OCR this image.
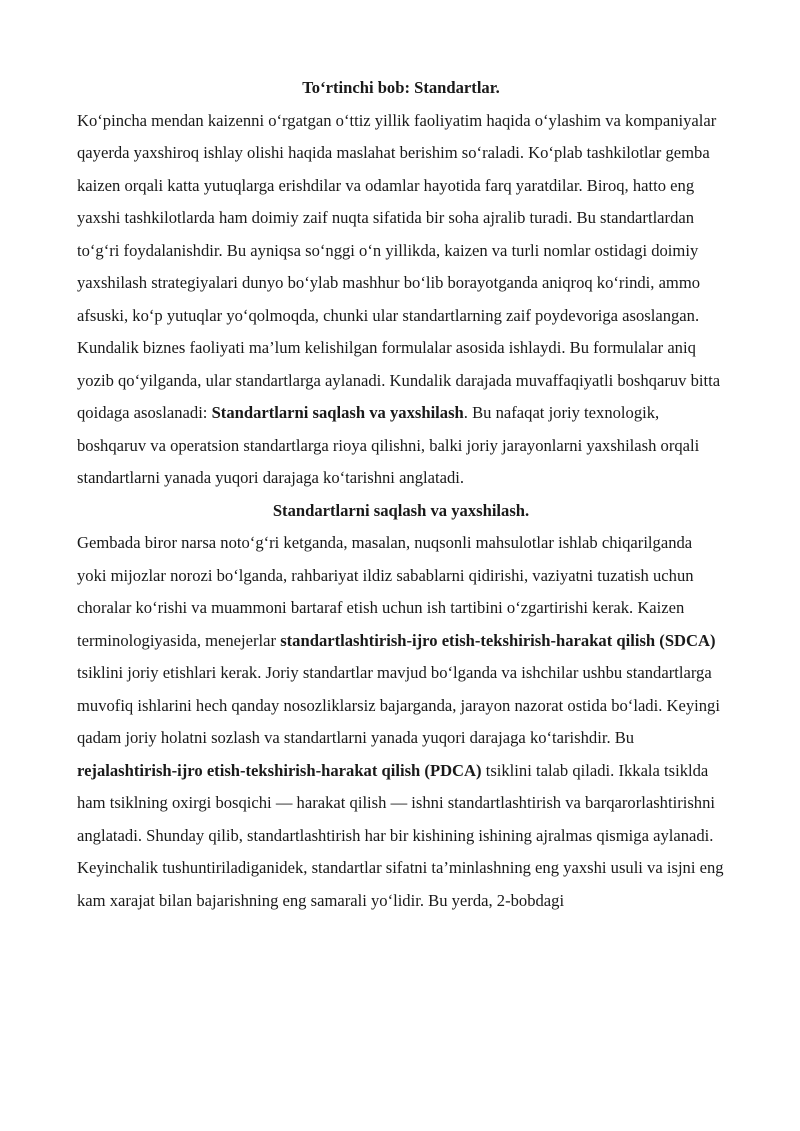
To‘rtinchi bob: Standartlar.

Ko‘pincha mendan kaizenni o‘rgatgan o‘ttiz yillik faoliyatim haqida o‘ylashim va kompaniyalar qayerda yaxshiroq ishlay olishi haqida maslahat berishim so‘raladi. Ko‘plab tashkilotlar gemba kaizen orqali katta yutuqlarga erishdilar va odamlar hayotida farq yaratdilar. Biroq, hatto eng yaxshi tashkilotlarda ham doimiy zaif nuqta sifatida bir soha ajralib turadi. Bu standartlardan to‘g‘ri foydalanishdir. Bu ayniqsa so‘nggi o‘n yillikda, kaizen va turli nomlar ostidagi doimiy yaxshilash strategiyalari dunyo bo‘ylab mashhur bo‘lib borayotganda aniqroq ko‘rindi, ammo afsuski, ko‘p yutuqlar yo‘qolmoqda, chunki ular standartlarning zaif poydevoriga asoslangan. Kundalik biznes faoliyati ma’lum kelishilgan formulalar asosida ishlaydi. Bu formulalar aniq yozib qo‘yilganda, ular standartlarga aylanadi. Kundalik darajada muvaffaqiyatli boshqaruv bitta qoidaga asoslanadi: Standartlarni saqlash va yaxshilash. Bu nafaqat joriy texnologik, boshqaruv va operatsion standartlarga rioya qilishni, balki joriy jarayonlarni yaxshilash orqali standartlarni yanada yuqori darajaga ko‘tarishni anglatadi.

Standartlarni saqlash va yaxshilash.

Gembada biror narsa noto‘g‘ri ketganda, masalan, nuqsonli mahsulotlar ishlab chiqarilganda yoki mijozlar norozi bo‘lganda, rahbariyat ildiz sabablarni qidirishi, vaziyatni tuzatish uchun choralar ko‘rishi va muammoni bartaraf etish uchun ish tartibini o‘zgartirishi kerak. Kaizen terminologiyasida, menejerlar standartlashtirish-ijro etish-tekshirish-harakat qilish (SDCA) tsiklini joriy etishlari kerak. Joriy standartlar mavjud bo‘lganda va ishchilar ushbu standartlarga muvofiq ishlarini hech qanday nosozliklarsiz bajarganda, jarayon nazorat ostida bo‘ladi. Keyingi qadam joriy holatni sozlash va standartlarni yanada yuqori darajaga ko‘tarishdir. Bu rejalashtirish-ijro etish-tekshirish-harakat qilish (PDCA) tsiklini talab qiladi. Ikkala tsiklda ham tsiklning oxirgi bosqichi — harakat qilish — ishni standartlashtirish va barqarorlashtirishni anglatadi. Shunday qilib, standartlashtirish har bir kishining ishining ajralmas qismiga aylanadi. Keyinchalik tushuntiriladiganidek, standartlar sifatni ta’minlashning eng yaxshi usuli va isjni eng kam xarajat bilan bajarishning eng samarali yo‘lidir. Bu yerda, 2-bobdagi
